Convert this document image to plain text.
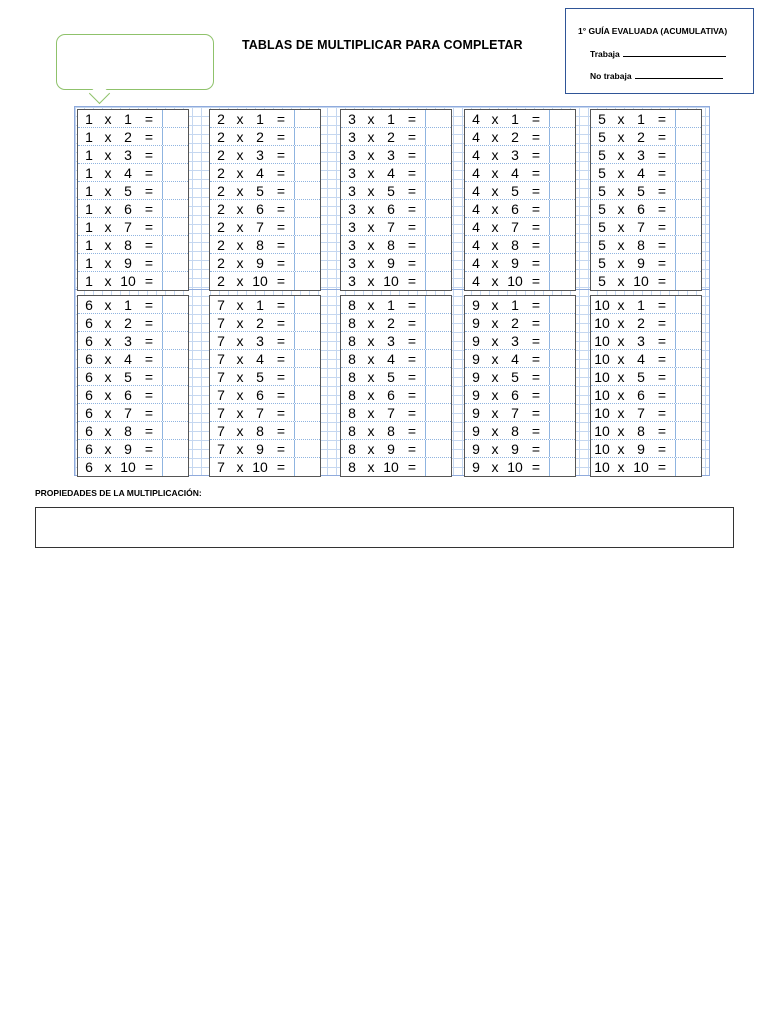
TABLAS DE MULTIPLICAR PARA COMPLETAR
1° GUÍA EVALUADA (ACUMULATIVA)
Trabaja
No trabaja
1 x 1 =
1 x 2 =
1 x 3 =
1 x 4 =
1 x 5 =
1 x 6 =
1 x 7 =
1 x 8 =
1 x 9 =
1 x 10 =
2 x 1 =
2 x 2 =
2 x 3 =
2 x 4 =
2 x 5 =
2 x 6 =
2 x 7 =
2 x 8 =
2 x 9 =
2 x 10 =
3 x 1 =
3 x 2 =
3 x 3 =
3 x 4 =
3 x 5 =
3 x 6 =
3 x 7 =
3 x 8 =
3 x 9 =
3 x 10 =
4 x 1 =
4 x 2 =
4 x 3 =
4 x 4 =
4 x 5 =
4 x 6 =
4 x 7 =
4 x 8 =
4 x 9 =
4 x 10 =
5 x 1 =
5 x 2 =
5 x 3 =
5 x 4 =
5 x 5 =
5 x 6 =
5 x 7 =
5 x 8 =
5 x 9 =
5 x 10 =
6 x 1 =
6 x 2 =
6 x 3 =
6 x 4 =
6 x 5 =
6 x 6 =
6 x 7 =
6 x 8 =
6 x 9 =
6 x 10 =
7 x 1 =
7 x 2 =
7 x 3 =
7 x 4 =
7 x 5 =
7 x 6 =
7 x 7 =
7 x 8 =
7 x 9 =
7 x 10 =
8 x 1 =
8 x 2 =
8 x 3 =
8 x 4 =
8 x 5 =
8 x 6 =
8 x 7 =
8 x 8 =
8 x 9 =
8 x 10 =
9 x 1 =
9 x 2 =
9 x 3 =
9 x 4 =
9 x 5 =
9 x 6 =
9 x 7 =
9 x 8 =
9 x 9 =
9 x 10 =
10 x 1 =
10 x 2 =
10 x 3 =
10 x 4 =
10 x 5 =
10 x 6 =
10 x 7 =
10 x 8 =
10 x 9 =
10 x 10 =
PROPIEDADES DE LA MULTIPLICACIÓN:
